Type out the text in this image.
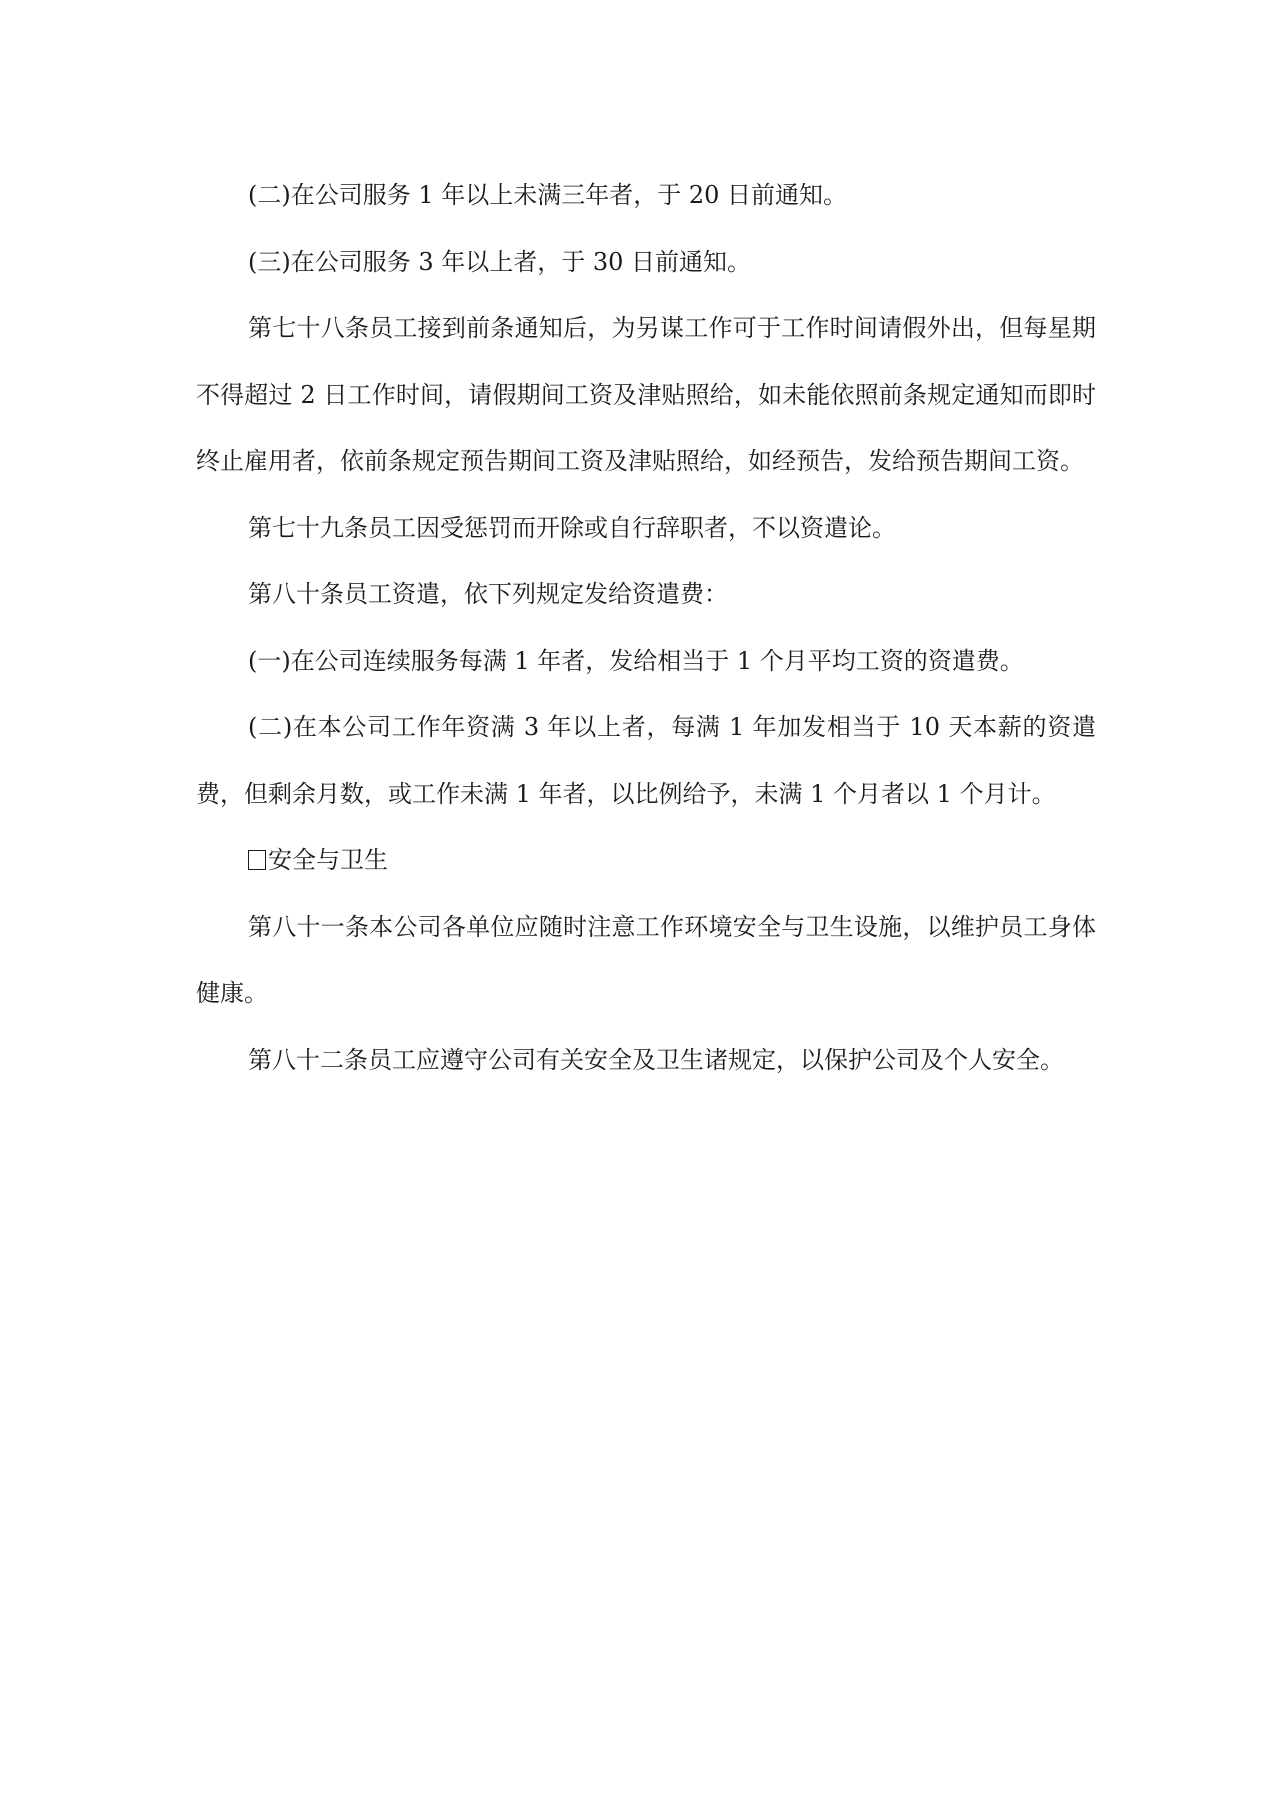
(二)在公司服务 1 年以上未满三年者，于 20 日前通知。

(三)在公司服务 3 年以上者，于 30 日前通知。

第七十八条员工接到前条通知后，为另谋工作可于工作时间请假外出，但每星期不得超过 2 日工作时间，请假期间工资及津贴照给，如未能依照前条规定通知而即时终止雇用者，依前条规定预告期间工资及津贴照给，如经预告，发给预告期间工资。

第七十九条员工因受惩罚而开除或自行辞职者，不以资遣论。

第八十条员工资遣，依下列规定发给资遣费：

(一)在公司连续服务每满 1 年者，发给相当于 1 个月平均工资的资遣费。

(二)在本公司工作年资满 3 年以上者，每满 1 年加发相当于 10 天本薪的资遣费，但剩余月数，或工作未满 1 年者，以比例给予，未满 1 个月者以 1 个月计。

安全与卫生

第八十一条本公司各单位应随时注意工作环境安全与卫生设施，以维护员工身体健康。

第八十二条员工应遵守公司有关安全及卫生诸规定，以保护公司及个人安全。
